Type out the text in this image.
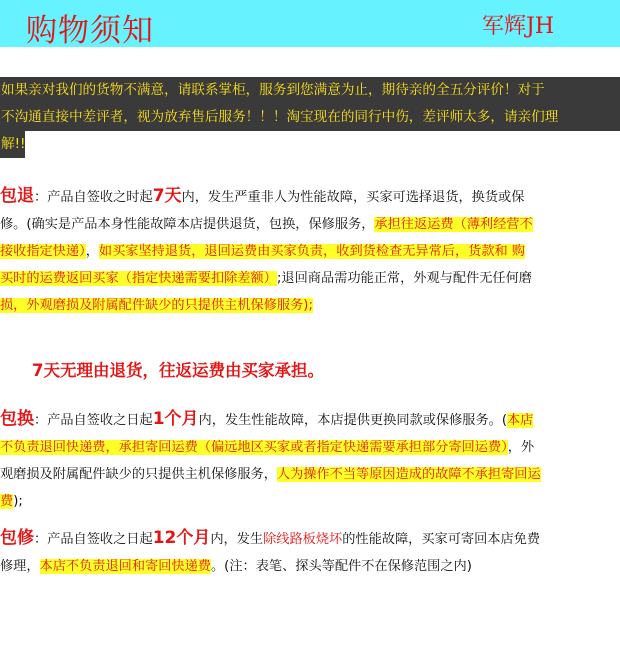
购物须知	军辉JH
如果亲对我们的货物不满意，请联系掌柜，服务到您满意为止，期待亲的全五分评价！对于
不沟通直接中差评者，视为放弃售后服务！！！淘宝现在的同行中伤，差评师太多，请亲们理
解!!
包退：产品自签收之时起7天内，发生严重非人为性能故障，买家可选择退货，换货或保
修。(确实是产品本身性能故障本店提供退货，包换，保修服务，承担往返运费（薄利经营不
接收指定快递），如买家坚持退货，退回运费由买家负责，收到货检查无异常后，货款和 购
买时的运费返回买家（指定快递需要扣除差额）;退回商品需功能正常，外观与配件无任何磨
损，外观磨损及附属配件缺少的只提供主机保修服务);
7天无理由退货，往返运费由买家承担。
包换：产品自签收之日起1个月内，发生性能故障，本店提供更换同款或保修服务。(本店
不负责退回快递费，承担寄回运费（偏远地区买家或者指定快递需要承担部分寄回运费），外
观磨损及附属配件缺少的只提供主机保修服务，人为操作不当等原因造成的故障不承担寄回运
费);
包修：产品自签收之日起12个月内，发生除线路板烧坏的性能故障，买家可寄回本店免费
修理，本店不负责退回和寄回快递费。(注：表笔、探头等配件不在保修范围之内)
